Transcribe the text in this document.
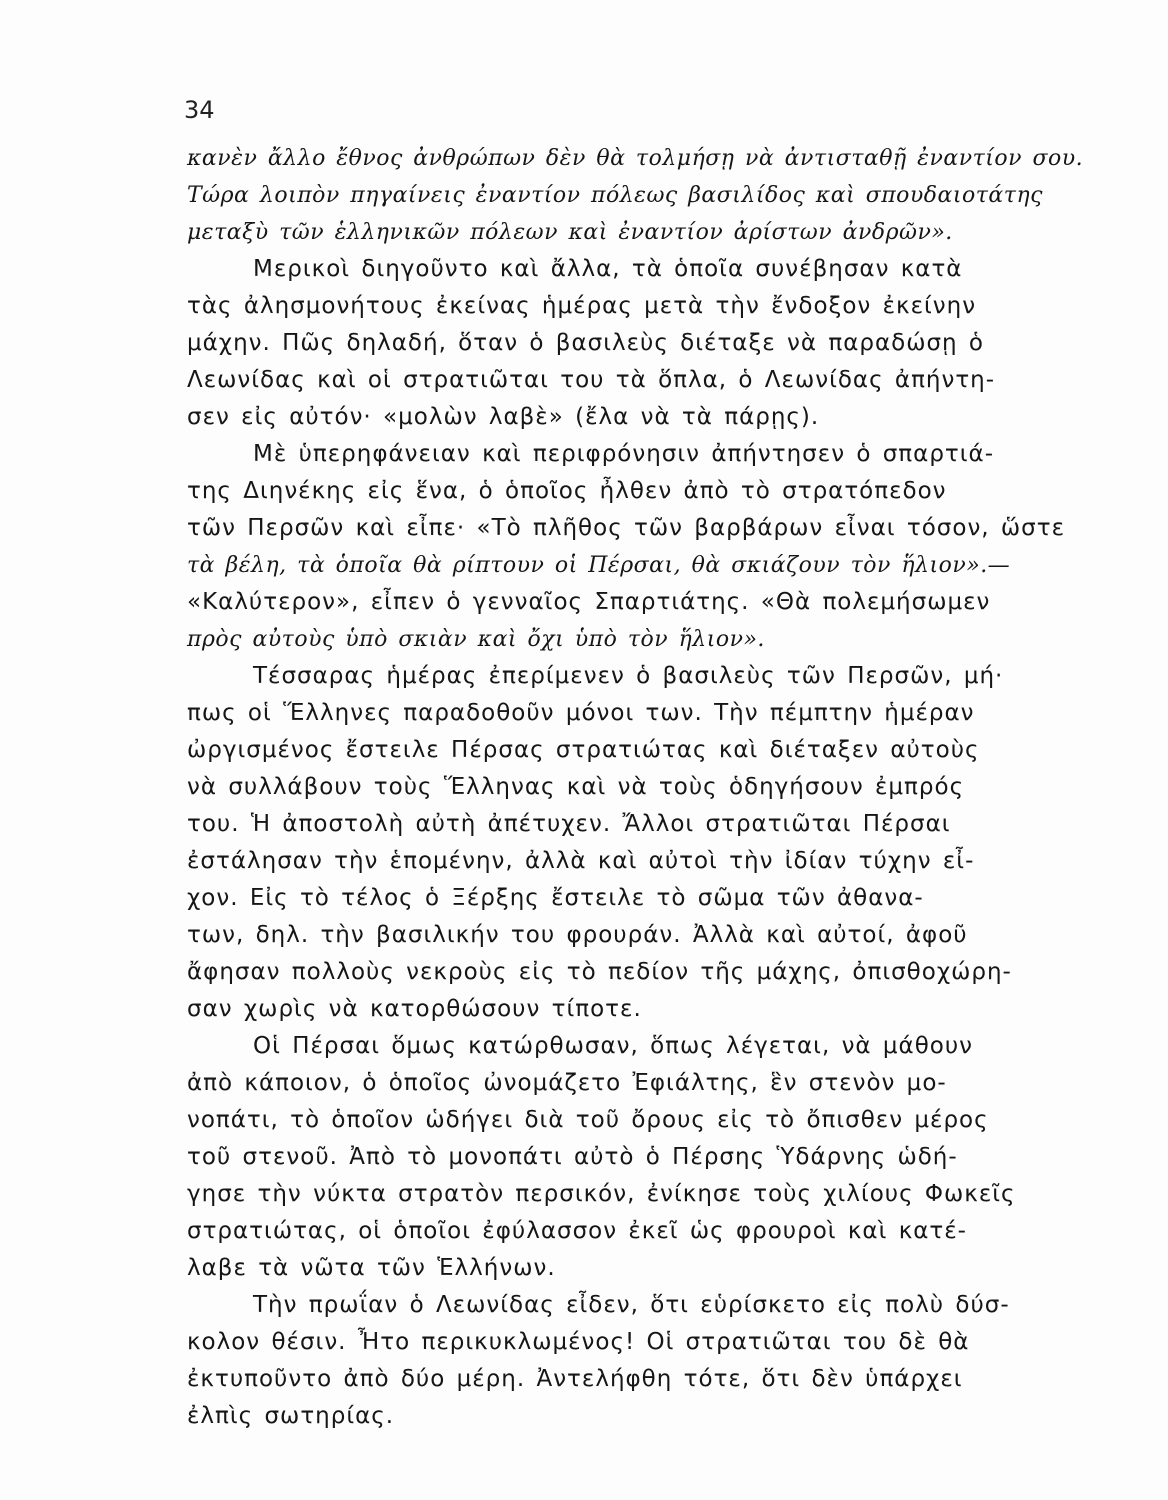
34
κανὲν ἄλλο ἔθνος ἀνθρώπων δὲν θὰ τολμήσῃ νὰ ἀντισταθῇ ἐναντίον σου.
Τώρα λοιπὸν πηγαίνεις ἐναντίον πόλεως βασιλίδος καὶ σπουδαιοτάτης
μεταξὺ τῶν ἑλληνικῶν πόλεων καὶ ἐναντίον ἀρίστων ἀνδρῶν».
Μερικοὶ διηγοῦντο καὶ ἄλλα, τὰ ὁποῖα συνέβησαν κατὰ
τὰς ἀλησμονήτους ἐκείνας ἡμέρας μετὰ τὴν ἔνδοξον ἐκείνην
μάχην. Πῶς δηλαδή, ὅταν ὁ βασιλεὺς διέταξε νὰ παραδώσῃ ὁ
Λεωνίδας καὶ οἱ στρατιῶται του τὰ ὅπλα, ὁ Λεωνίδας ἀπήντη-
σεν εἰς αὐτόν· «μολὼν λαβὲ» (ἔλα νὰ τὰ πάρῃς).
Μὲ ὑπερηφάνειαν καὶ περιφρόνησιν ἀπήντησεν ὁ σπαρτιά-
της Διηνέκης εἰς ἕνα, ὁ ὁποῖος ἦλθεν ἀπὸ τὸ στρατόπεδον
τῶν Περσῶν καὶ εἶπε· «Τὸ πλῆθος τῶν βαρβάρων εἶναι τόσον, ὥστε
τὰ βέλη, τὰ ὁποῖα θὰ ρίπτουν οἱ Πέρσαι, θὰ σκιάζουν τὸν ἥλιον».—
«Καλύτερον», εἶπεν ὁ γενναῖος Σπαρτιάτης. «Θὰ πολεμήσωμεν
πρὸς αὐτοὺς ὑπὸ σκιὰν καὶ ὄχι ὑπὸ τὸν ἥλιον».
Τέσσαρας ἡμέρας ἐπερίμενεν ὁ βασιλεὺς τῶν Περσῶν, μή·
πως οἱ Ἕλληνες παραδοθοῦν μόνοι των. Τὴν πέμπτην ἡμέραν
ὠργισμένος ἔστειλε Πέρσας στρατιώτας καὶ διέταξεν αὐτοὺς
νὰ συλλάβουν τοὺς Ἕλληνας καὶ νὰ τοὺς ὁδηγήσουν ἐμπρός
του. Ἡ ἀποστολὴ αὐτὴ ἀπέτυχεν. Ἄλλοι στρατιῶται Πέρσαι
ἐστάλησαν τὴν ἑπομένην, ἀλλὰ καὶ αὐτοὶ τὴν ἰδίαν τύχην εἶ-
χον. Εἰς τὸ τέλος ὁ Ξέρξης ἔστειλε τὸ σῶμα τῶν ἀθανα-
των, δηλ. τὴν βασιλικήν του φρουράν. Ἀλλὰ καὶ αὐτοί, ἀφοῦ
ἄφησαν πολλοὺς νεκροὺς εἰς τὸ πεδίον τῆς μάχης, ὀπισθοχώρη-
σαν χωρὶς νὰ κατορθώσουν τίποτε.
Οἱ Πέρσαι ὅμως κατώρθωσαν, ὅπως λέγεται, νὰ μάθουν
ἀπὸ κάποιον, ὁ ὁποῖος ὠνομάζετο Ἐφιάλτης, ἓν στενὸν μο-
νοπάτι, τὸ ὁποῖον ὡδήγει διὰ τοῦ ὄρους εἰς τὸ ὄπισθεν μέρος
τοῦ στενοῦ. Ἀπὸ τὸ μονοπάτι αὐτὸ ὁ Πέρσης Ὑδάρνης ὡδή-
γησε τὴν νύκτα στρατὸν περσικόν, ἐνίκησε τοὺς χιλίους Φωκεῖς
στρατιώτας, οἱ ὁποῖοι ἐφύλασσον ἐκεῖ ὡς φρουροὶ καὶ κατέ-
λαβε τὰ νῶτα τῶν Ἑλλήνων.
Τὴν πρωΐαν ὁ Λεωνίδας εἶδεν, ὅτι εὑρίσκετο εἰς πολὺ δύσ-
κολον θέσιν. Ἦτο περικυκλωμένος! Οἱ στρατιῶται του δὲ θὰ
ἐκτυποῦντο ἀπὸ δύο μέρη. Ἀντελήφθη τότε, ὅτι δὲν ὑπάρχει
ἐλπὶς σωτηρίας.
